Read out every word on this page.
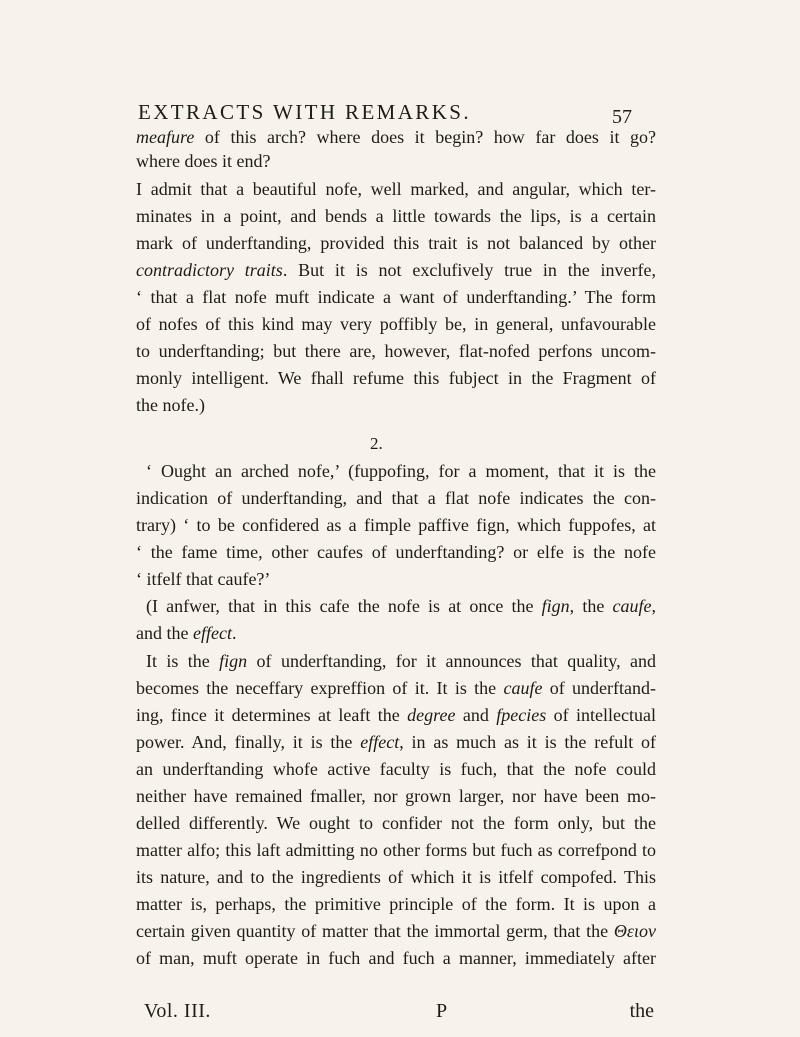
EXTRACTS WITH REMARKS.	57
meafure of this arch? where does it begin? how far does it go?
where does it end?
I admit that a beautiful nofe, well marked, and angular, which ter-
minates in a point, and bends a little towards the lips, is a certain
mark of underftanding, provided this trait is not balanced by other
contradictory traits. But it is not exclufively true in the inverfe,
‘ that a flat nofe muft indicate a want of underftanding.’ The form
of nofes of this kind may very poffibly be, in general, unfavourable
to underftanding; but there are, however, flat-nofed perfons uncom-
monly intelligent. We fhall refume this fubject in the Fragment of
the nofe.)
‘ Ought an arched nofe,’ (fuppofing, for a moment, that it is the
indication of underftanding, and that a flat nofe indicates the con-
trary) ‘ to be confidered as a fimple paffive fign, which fuppofes, at
‘ the fame time, other caufes of underftanding? or elfe is the nofe
‘ itfelf that caufe?’
(I anfwer, that in this cafe the nofe is at once the fign, the caufe,
and the effect.
It is the fign of underftanding, for it announces that quality, and
becomes the neceffary expreffion of it. It is the caufe of underftand-
ing, fince it determines at leaft the degree and fpecies of intellectual
power. And, finally, it is the effect, in as much as it is the refult of
an underftanding whofe active faculty is fuch, that the nofe could
neither have remained fmaller, nor grown larger, nor have been mo-
delled differently. We ought to confider not the form only, but the
matter alfo; this laft admitting no other forms but fuch as correfpond to
its nature, and to the ingredients of which it is itfelf compofed. This
matter is, perhaps, the primitive principle of the form. It is upon a
certain given quantity of matter that the immortal germ, that the Θειον
of man, muft operate in fuch and fuch a manner, immediately after
2.
Vol. III.	P	the
